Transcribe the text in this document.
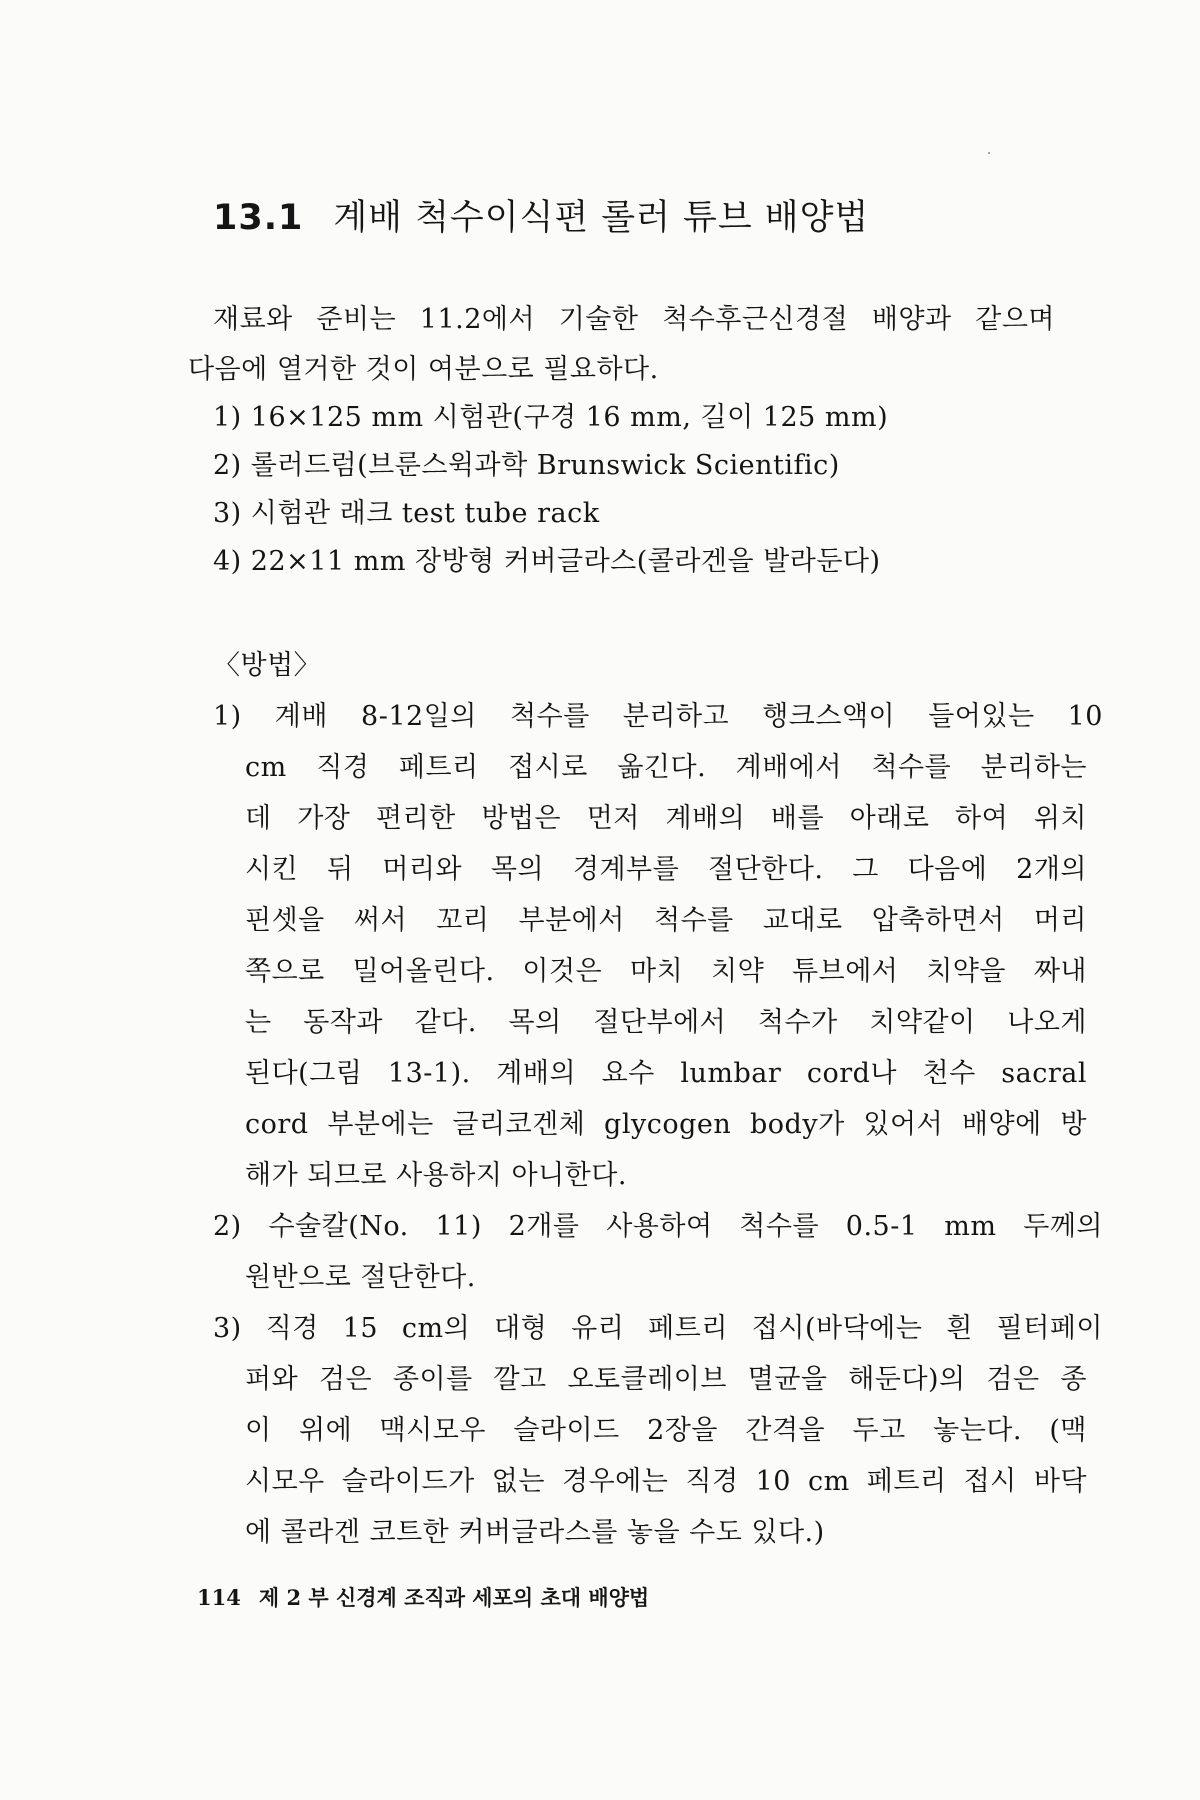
13.1 계배 척수이식편 롤러 튜브 배양법

재료와 준비는 11.2에서 기술한 척수후근신경절 배양과 같으며

다음에 열거한 것이 여분으로 필요하다.

1) 16×125 mm 시험관(구경 16 mm, 길이 125 mm)

2) 롤러드럼(브룬스윅과학 Brunswick Scientific)

3) 시험관 래크 test tube rack

4) 22×11 mm 장방형 커버글라스(콜라겐을 발라둔다)

〈방법〉

1) 계배 8-12일의 척수를 분리하고 행크스액이 들어있는 10

cm 직경 페트리 접시로 옮긴다. 계배에서 척수를 분리하는

데 가장 편리한 방법은 먼저 계배의 배를 아래로 하여 위치

시킨 뒤 머리와 목의 경계부를 절단한다. 그 다음에 2개의

핀셋을 써서 꼬리 부분에서 척수를 교대로 압축하면서 머리

쪽으로 밀어올린다. 이것은 마치 치약 튜브에서 치약을 짜내

는 동작과 같다. 목의 절단부에서 척수가 치약같이 나오게

된다(그림 13-1). 계배의 요수 lumbar cord나 천수 sacral

cord 부분에는 글리코겐체 glycogen body가 있어서 배양에 방

해가 되므로 사용하지 아니한다.

2) 수술칼(No. 11) 2개를 사용하여 척수를 0.5-1 mm 두께의

원반으로 절단한다.

3) 직경 15 cm의 대형 유리 페트리 접시(바닥에는 흰 필터페이

퍼와 검은 종이를 깔고 오토클레이브 멸균을 해둔다)의 검은 종

이 위에 맥시모우 슬라이드 2장을 간격을 두고 놓는다. (맥

시모우 슬라이드가 없는 경우에는 직경 10 cm 페트리 접시 바닥

에 콜라겐 코트한 커버글라스를 놓을 수도 있다.)

114 제 2 부 신경계 조직과 세포의 초대 배양법
